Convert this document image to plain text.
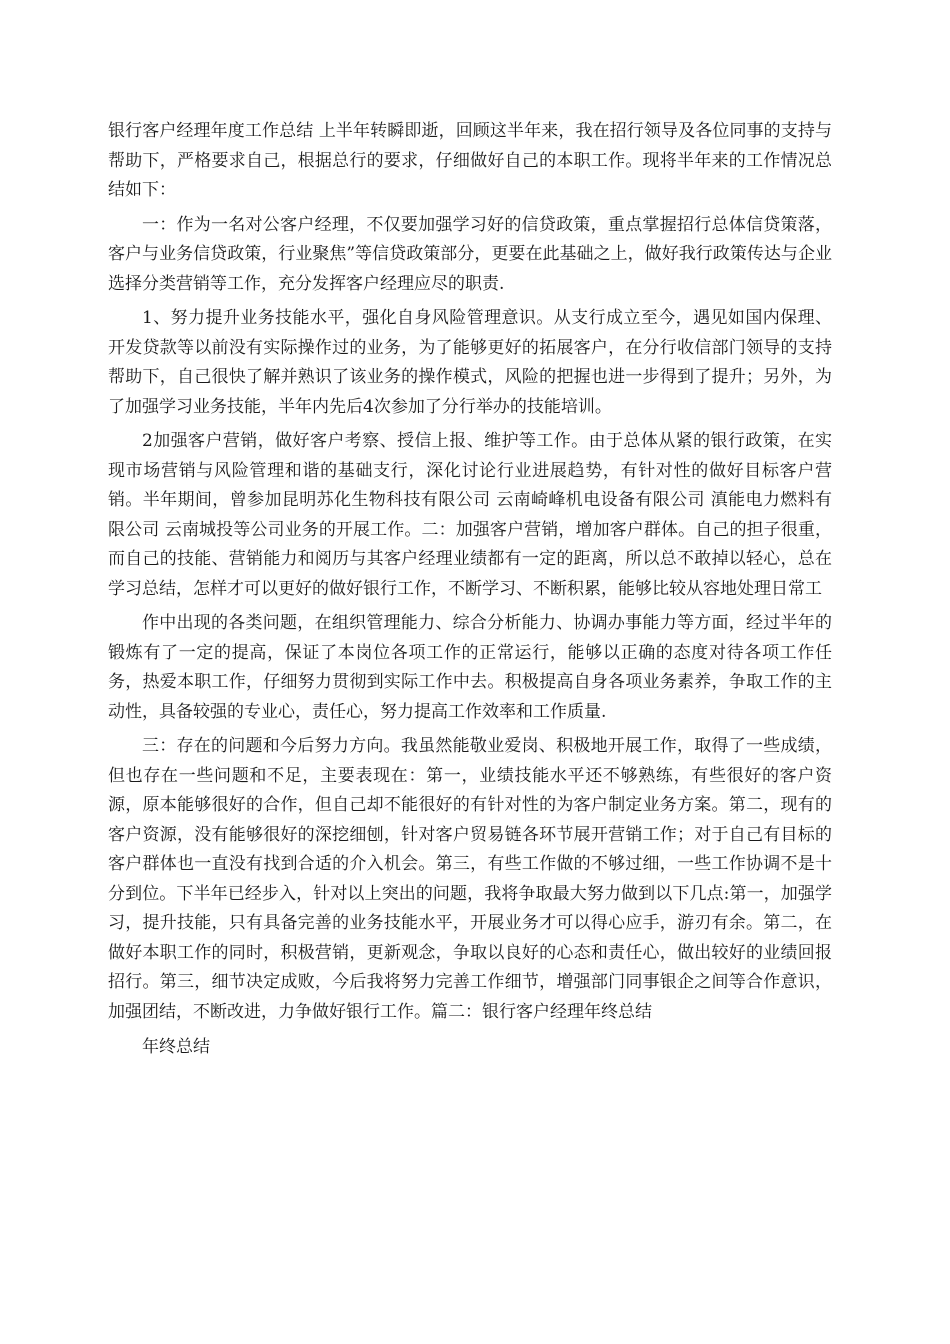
银行客户经理年度工作总结 上半年转瞬即逝，回顾这半年来，我在招行领导及各位同事的支持与帮助下，严格要求自己，根据总行的要求，仔细做好自己的本职工作。现将半年来的工作情况总结如下：

一：作为一名对公客户经理，不仅要加强学习好的信贷政策，重点掌握招行总体信贷策落，客户与业务信贷政策，行业聚焦”等信贷政策部分，更要在此基础之上，做好我行政策传达与企业选择分类营销等工作，充分发挥客户经理应尽的职责.

1、努力提升业务技能水平，强化自身风险管理意识。从支行成立至今，遇见如国内保理、开发贷款等以前没有实际操作过的业务，为了能够更好的拓展客户，在分行收信部门领导的支持帮助下，自己很快了解并熟识了该业务的操作模式，风险的把握也进一步得到了提升；另外，为了加强学习业务技能，半年内先后4次参加了分行举办的技能培训。

2加强客户营销，做好客户考察、授信上报、维护等工作。由于总体从紧的银行政策，在实现市场营销与风险管理和谐的基础支行，深化讨论行业进展趋势，有针对性的做好目标客户营销。半年期间，曾参加昆明苏化生物科技有限公司 云南崎峰机电设备有限公司 滇能电力燃料有限公司 云南城投等公司业务的开展工作。二：加强客户营销，增加客户群体。自己的担子很重，而自己的技能、营销能力和阅历与其客户经理业绩都有一定的距离，所以总不敢掉以轻心，总在学习总结，怎样才可以更好的做好银行工作，不断学习、不断积累，能够比较从容地处理日常工

作中出现的各类问题，在组织管理能力、综合分析能力、协调办事能力等方面，经过半年的锻炼有了一定的提高，保证了本岗位各项工作的正常运行，能够以正确的态度对待各项工作任务，热爱本职工作，仔细努力贯彻到实际工作中去。积极提高自身各项业务素养，争取工作的主动性，具备较强的专业心，责任心，努力提高工作效率和工作质量.

三：存在的问题和今后努力方向。我虽然能敬业爱岗、积极地开展工作，取得了一些成绩，但也存在一些问题和不足，主要表现在：第一，业绩技能水平还不够熟练，有些很好的客户资源，原本能够很好的合作，但自己却不能很好的有针对性的为客户制定业务方案。第二，现有的客户资源，没有能够很好的深挖细刨，针对客户贸易链各环节展开营销工作；对于自己有目标的客户群体也一直没有找到合适的介入机会。第三，有些工作做的不够过细，一些工作协调不是十分到位。下半年已经步入，针对以上突出的问题，我将争取最大努力做到以下几点:第一，加强学习，提升技能，只有具备完善的业务技能水平，开展业务才可以得心应手，游刃有余。第二，在做好本职工作的同时，积极营销，更新观念，争取以良好的心态和责任心，做出较好的业绩回报招行。第三，细节决定成败，今后我将努力完善工作细节，增强部门同事银企之间等合作意识，加强团结，不断改进，力争做好银行工作。篇二：银行客户经理年终总结

年终总结
